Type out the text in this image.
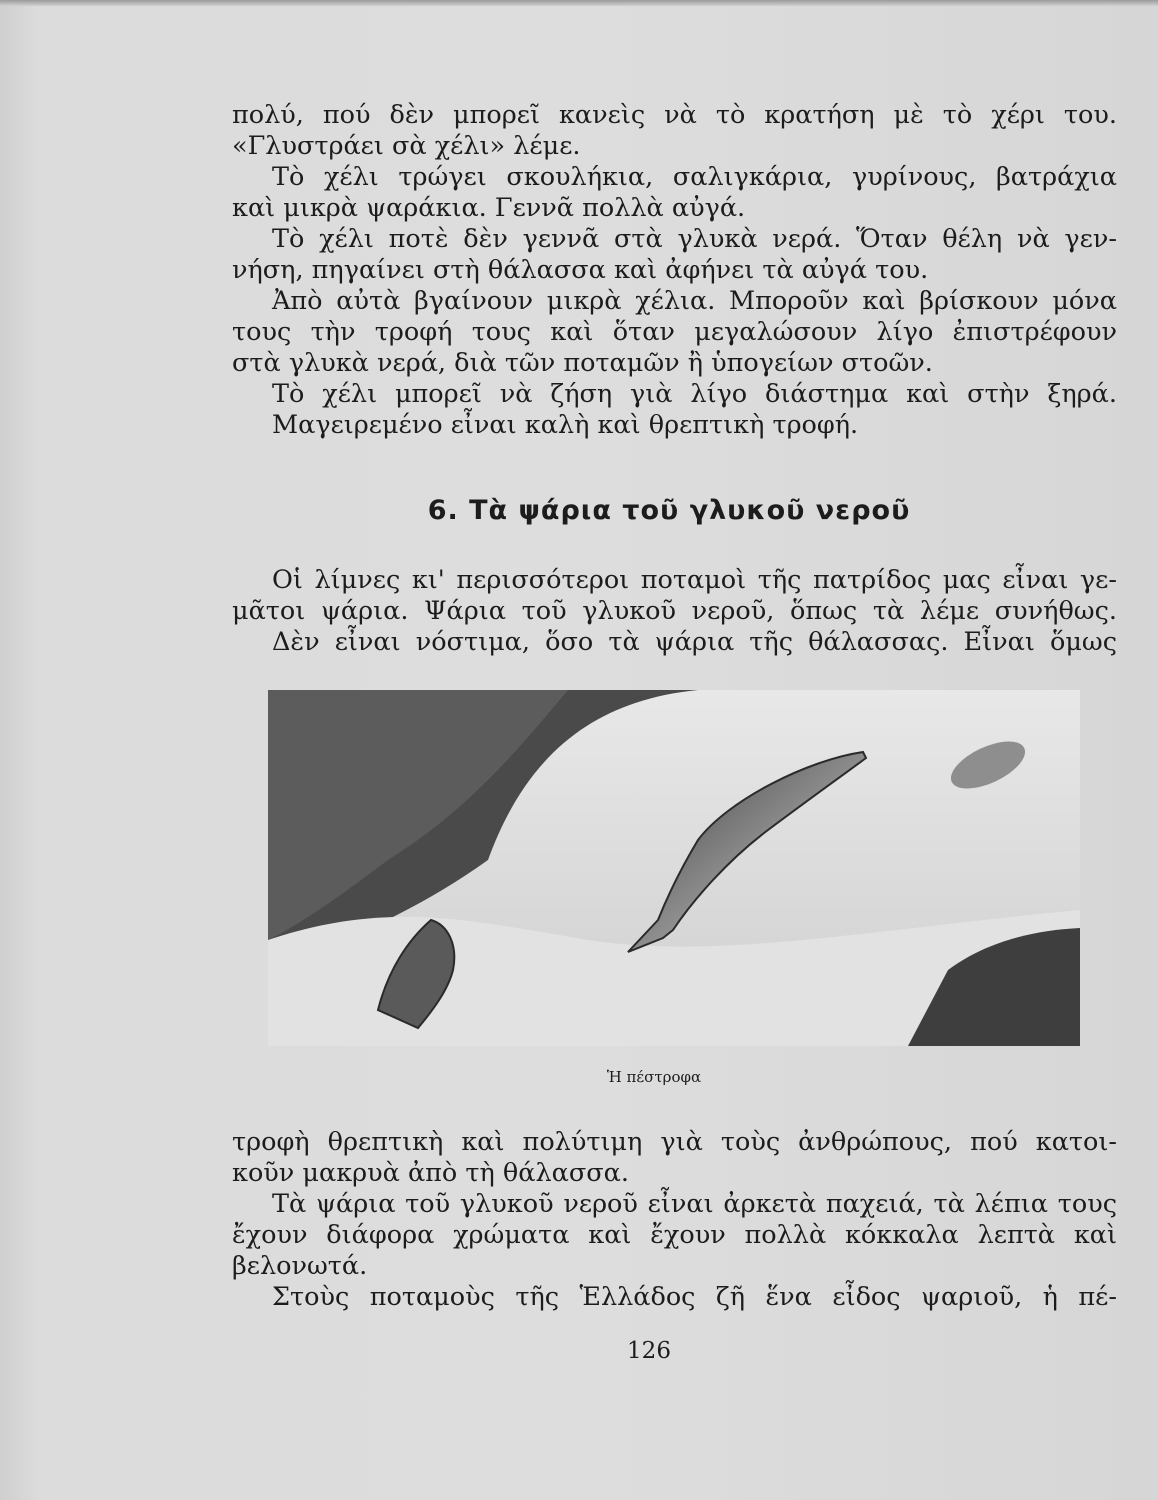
πολύ, πού δὲν μπορεῖ κανεὶς νὰ τὸ κρατήση μὲ τὸ χέρι του.
«Γλυστράει σὰ χέλι» λέμε.
Τὸ χέλι τρώγει σκουλήκια, σαλιγκάρια, γυρίνους, βατράχια
καὶ μικρὰ ψαράκια. Γεννᾶ πολλὰ αὐγά.
Τὸ χέλι ποτὲ δὲν γεννᾶ στὰ γλυκὰ νερά. Ὅταν θέλη νὰ γεν-
νήση, πηγαίνει στὴ θάλασσα καὶ ἀφήνει τὰ αὐγά του.
Ἀπὸ αὐτὰ βγαίνουν μικρὰ χέλια. Μποροῦν καὶ βρίσκουν μόνα
τους τὴν τροφή τους καὶ ὅταν μεγαλώσουν λίγο ἐπιστρέφουν
στὰ γλυκὰ νερά, διὰ τῶν ποταμῶν ἢ ὑπογείων στοῶν.
Τὸ χέλι μπορεῖ νὰ ζήση γιὰ λίγο διάστημα καὶ στὴν ξηρά.
Μαγειρεμένο εἶναι καλὴ καὶ θρεπτικὴ τροφή.
6. Τὰ ψάρια τοῦ γλυκοῦ νεροῦ
Οἱ λίμνες κι' περισσότεροι ποταμοὶ τῆς πατρίδος μας εἶναι γε-
μᾶτοι ψάρια. Ψάρια τοῦ γλυκοῦ νεροῦ, ὅπως τὰ λέμε συνήθως.
Δὲν εἶναι νόστιμα, ὅσο τὰ ψάρια τῆς θάλασσας. Εἶναι ὅμως
Ἡ πέστροφα
τροφὴ θρεπτικὴ καὶ πολύτιμη γιὰ τοὺς ἀνθρώπους, πού κατοι-
κοῦν μακρυὰ ἀπὸ τὴ θάλασσα.
Τὰ ψάρια τοῦ γλυκοῦ νεροῦ εἶναι ἀρκετὰ παχειά, τὰ λέπια τους
ἔχουν διάφορα χρώματα καὶ ἔχουν πολλὰ κόκκαλα λεπτὰ καὶ
βελονωτά.
Στοὺς ποταμοὺς τῆς Ἑλλάδος ζῆ ἕνα εἶδος ψαριοῦ, ἡ πέ-
126
